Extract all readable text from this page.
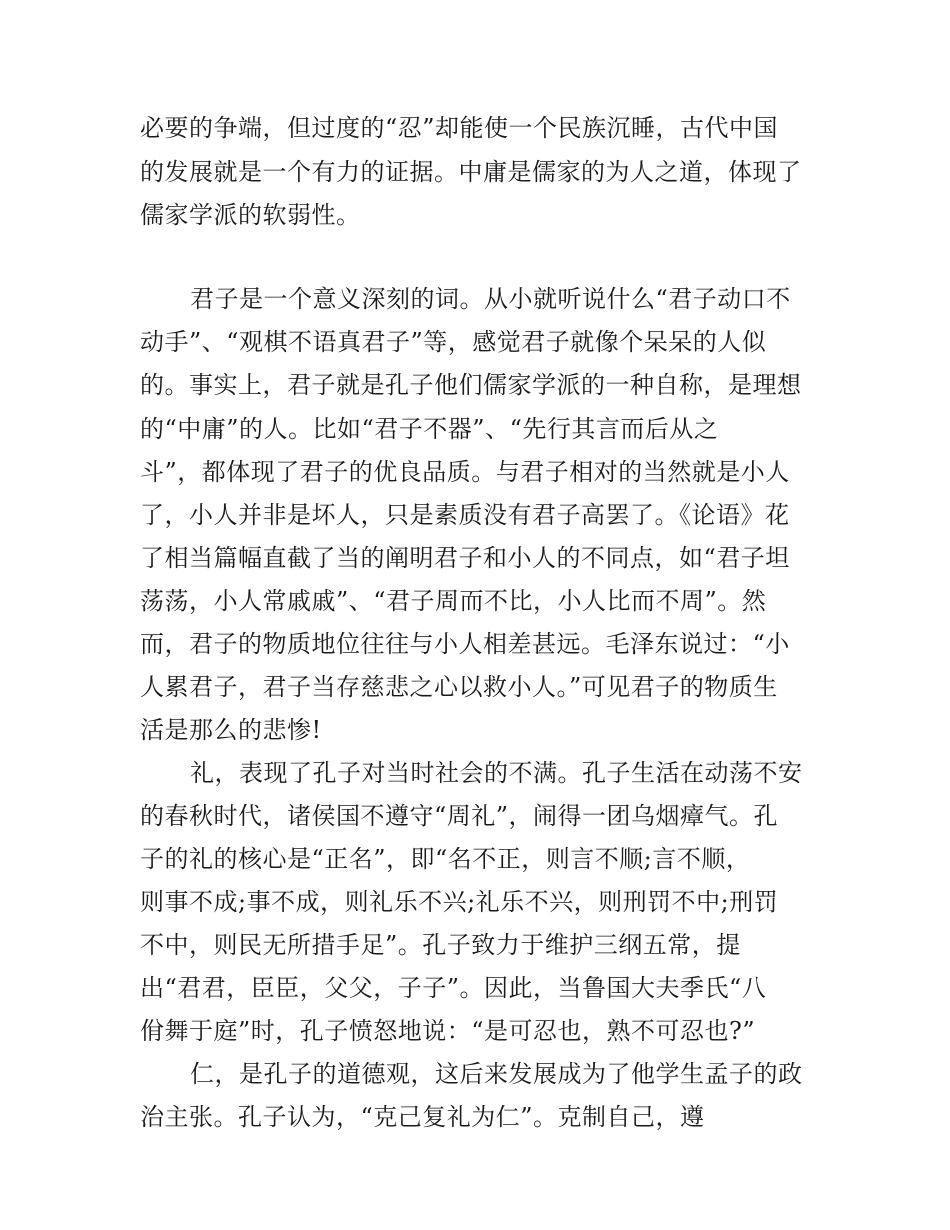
必要的争端，但过度的“忍”却能使一个民族沉睡，古代中国
的发展就是一个有力的证据。中庸是儒家的为人之道，体现了
儒家学派的软弱性。
君子是一个意义深刻的词。从小就听说什么“君子动口不
动手”、“观棋不语真君子”等，感觉君子就像个呆呆的人似
的。事实上，君子就是孔子他们儒家学派的一种自称，是理想
的“中庸”的人。比如“君子不器”、“先行其言而后从之
斗”，都体现了君子的优良品质。与君子相对的当然就是小人
了，小人并非是坏人，只是素质没有君子高罢了。《论语》花
了相当篇幅直截了当的阐明君子和小人的不同点，如“君子坦
荡荡，小人常戚戚”、“君子周而不比，小人比而不周”。然
而，君子的物质地位往往与小人相差甚远。毛泽东说过：“小
人累君子，君子当存慈悲之心以救小人。”可见君子的物质生
活是那么的悲惨!
礼，表现了孔子对当时社会的不满。孔子生活在动荡不安
的春秋时代，诸侯国不遵守“周礼”，闹得一团乌烟瘴气。孔
子的礼的核心是“正名”，即“名不正，则言不顺;言不顺，
则事不成;事不成，则礼乐不兴;礼乐不兴，则刑罚不中;刑罚
不中，则民无所措手足”。孔子致力于维护三纲五常，提
出“君君，臣臣，父父，子子”。因此，当鲁国大夫季氏“八
佾舞于庭”时，孔子愤怒地说：“是可忍也，熟不可忍也?”
仁，是孔子的道德观，这后来发展成为了他学生孟子的政
治主张。孔子认为，“克己复礼为仁”。克制自己，遵
